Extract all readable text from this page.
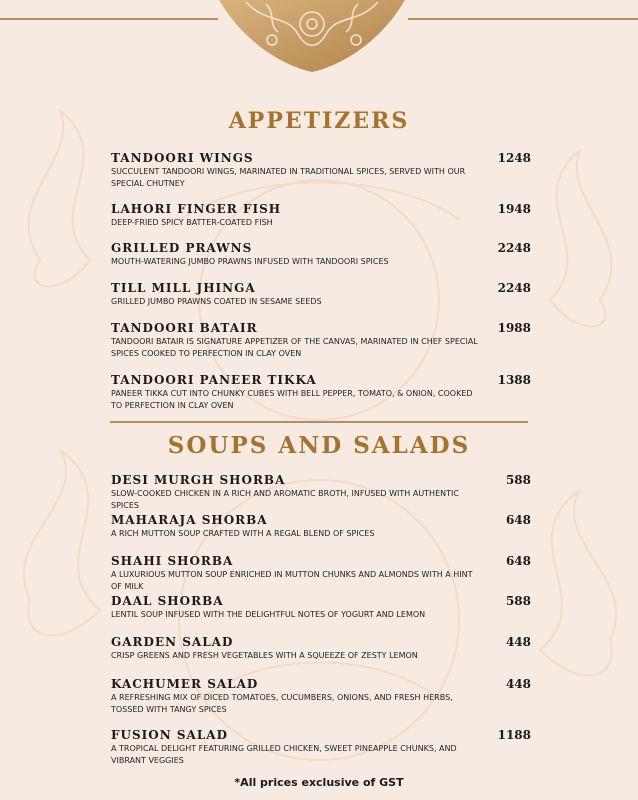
APPETIZERS
TANDOORI WINGS
SUCCULENT TANDOORI WINGS, MARINATED IN TRADITIONAL SPICES, SERVED WITH OUR SPECIAL CHUTNEY
1248
LAHORI FINGER FISH
DEEP-FRIED SPICY BATTER-COATED FISH
1948
GRILLED PRAWNS
MOUTH-WATERING JUMBO PRAWNS INFUSED WITH TANDOORI SPICES
2248
TILL MILL JHINGA
GRILLED JUMBO PRAWNS COATED IN SESAME SEEDS
2248
TANDOORI BATAIR
TANDOORI BATAIR IS SIGNATURE APPETIZER OF THE CANVAS, MARINATED IN CHEF SPECIAL SPICES COOKED TO PERFECTION IN CLAY OVEN
1988
TANDOORI PANEER TIKKA
PANEER TIKKA CUT INTO CHUNKY CUBES WITH BELL PEPPER, TOMATO, & ONION, COOKED TO PERFECTION IN CLAY OVEN
1388
SOUPS AND SALADS
DESI MURGH SHORBA
SLOW-COOKED CHICKEN IN A RICH AND AROMATIC BROTH, INFUSED WITH AUTHENTIC SPICES
588
MAHARAJA SHORBA
A RICH MUTTON SOUP CRAFTED WITH A REGAL BLEND OF SPICES
648
SHAHI SHORBA
A LUXURIOUS MUTTON SOUP ENRICHED IN MUTTON CHUNKS AND ALMONDS WITH A HINT OF MILK
648
DAAL SHORBA
LENTIL SOUP INFUSED WITH THE DELIGHTFUL NOTES OF YOGURT AND LEMON
588
GARDEN SALAD
CRISP GREENS AND FRESH VEGETABLES WITH A SQUEEZE OF ZESTY LEMON
448
KACHUMER SALAD
A REFRESHING MIX OF DICED TOMATOES, CUCUMBERS, ONIONS, AND FRESH HERBS, TOSSED WITH TANGY SPICES
448
FUSION SALAD
A TROPICAL DELIGHT FEATURING GRILLED CHICKEN, SWEET PINEAPPLE CHUNKS, AND VIBRANT VEGGIES
1188
*All prices exclusive of GST
